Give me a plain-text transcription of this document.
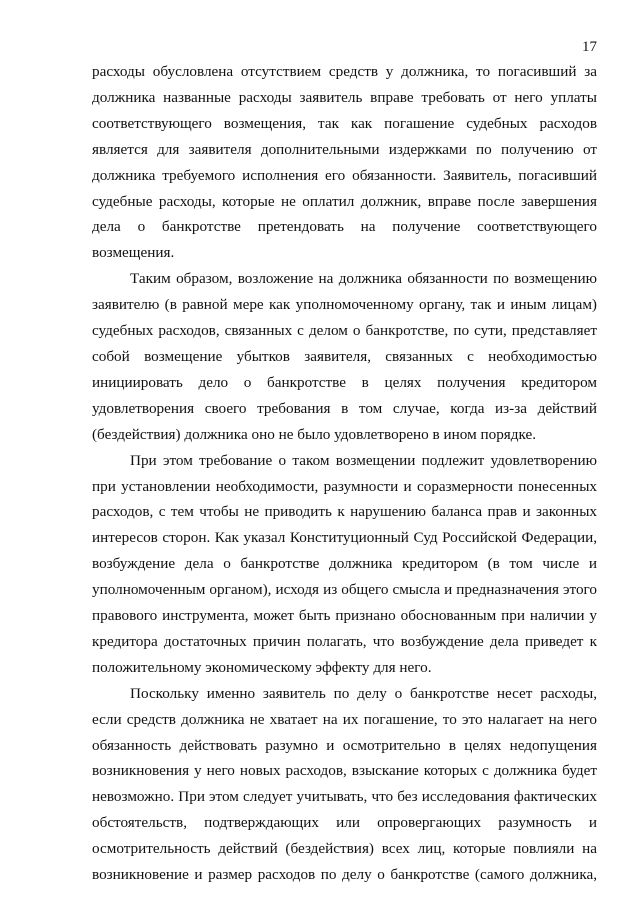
17

расходы обусловлена отсутствием средств у должника, то погасивший за должника названные расходы заявитель вправе требовать от него уплаты соответствующего возмещения, так как погашение судебных расходов является для заявителя дополнительными издержками по получению от должника требуемого исполнения его обязанности. Заявитель, погасивший судебные расходы, которые не оплатил должник, вправе после завершения дела о банкротстве претендовать на получение соответствующего возмещения.

Таким образом, возложение на должника обязанности по возмещению заявителю (в равной мере как уполномоченному органу, так и иным лицам) судебных расходов, связанных с делом о банкротстве, по сути, представляет собой возмещение убытков заявителя, связанных с необходимостью инициировать дело о банкротстве в целях получения кредитором удовлетворения своего требования в том случае, когда из-за действий (бездействия) должника оно не было удовлетворено в ином порядке.

При этом требование о таком возмещении подлежит удовлетворению при установлении необходимости, разумности и соразмерности понесенных расходов, с тем чтобы не приводить к нарушению баланса прав и законных интересов сторон. Как указал Конституционный Суд Российской Федерации, возбуждение дела о банкротстве должника кредитором (в том числе и уполномоченным органом), исходя из общего смысла и предназначения этого правового инструмента, может быть признано обоснованным при наличии у кредитора достаточных причин полагать, что возбуждение дела приведет к положительному экономическому эффекту для него.

Поскольку именно заявитель по делу о банкротстве несет расходы, если средств должника не хватает на их погашение, то это налагает на него обязанность действовать разумно и осмотрительно в целях недопущения возникновения у него новых расходов, взыскание которых с должника будет невозможно. При этом следует учитывать, что без исследования фактических обстоятельств, подтверждающих или опровергающих разумность и осмотрительность действий (бездействия) всех лиц, которые повлияли на возникновение и размер расходов по делу о банкротстве (самого должника,
